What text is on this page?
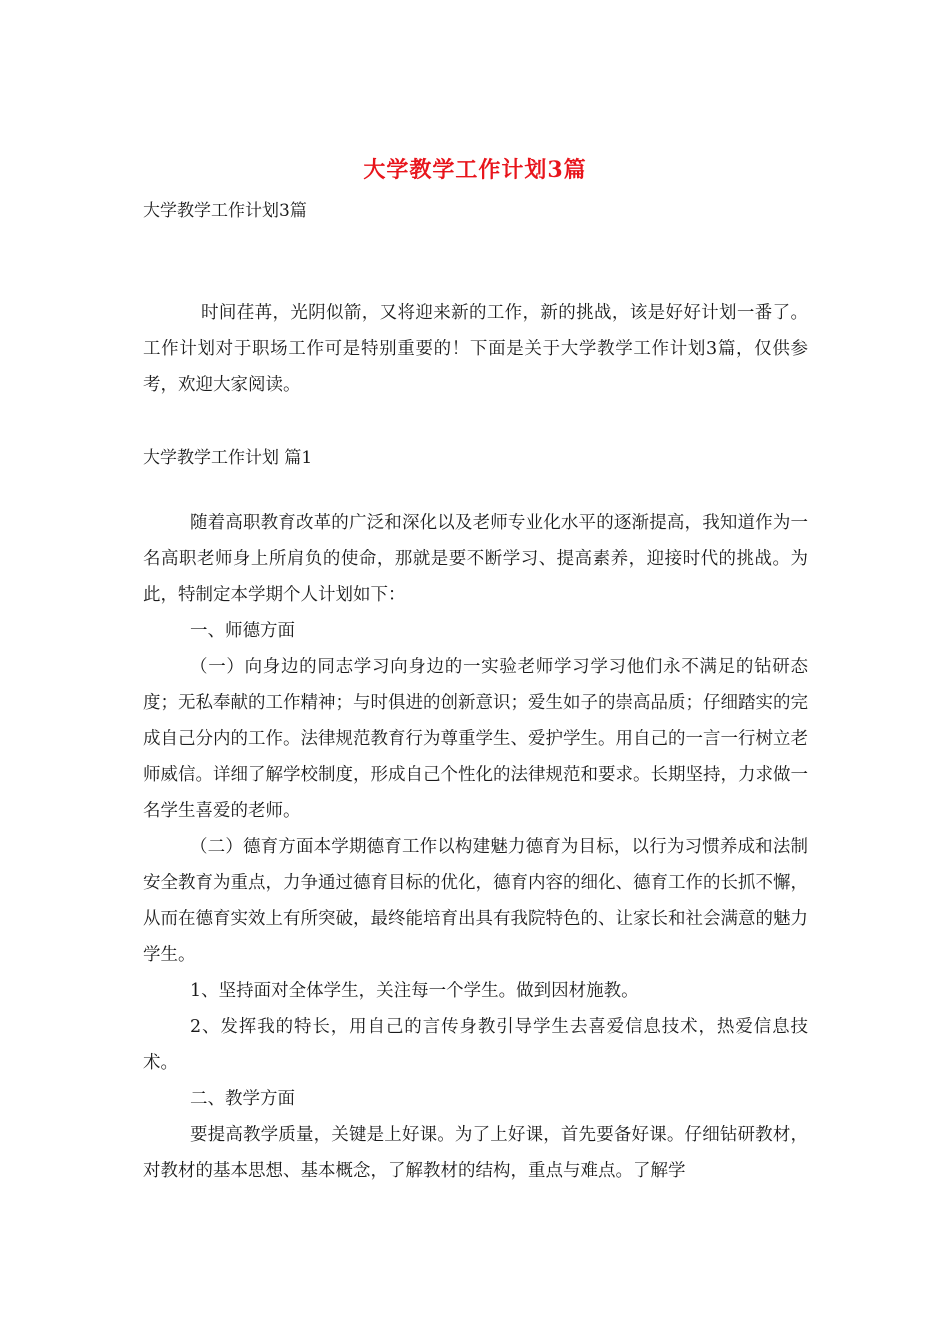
大学教学工作计划3篇
大学教学工作计划3篇

时间荏苒，光阴似箭，又将迎来新的工作，新的挑战，该是好好计划一番了。工作计划对于职场工作可是特别重要的！下面是关于大学教学工作计划3篇，仅供参考，欢迎大家阅读。

大学教学工作计划 篇1

随着高职教育改革的广泛和深化以及老师专业化水平的逐渐提高，我知道作为一名高职老师身上所肩负的使命，那就是要不断学习、提高素养，迎接时代的挑战。为此，特制定本学期个人计划如下：

一、师德方面

（一）向身边的同志学习向身边的一实验老师学习学习他们永不满足的钻研态度；无私奉献的工作精神；与时俱进的创新意识；爱生如子的崇高品质；仔细踏实的完成自己分内的工作。法律规范教育行为尊重学生、爱护学生。用自己的一言一行树立老师威信。详细了解学校制度，形成自己个性化的法律规范和要求。长期坚持，力求做一名学生喜爱的老师。

（二）德育方面本学期德育工作以构建魅力德育为目标，以行为习惯养成和法制安全教育为重点，力争通过德育目标的优化，德育内容的细化、德育工作的长抓不懈，从而在德育实效上有所突破，最终能培育出具有我院特色的、让家长和社会满意的魅力学生。

1、坚持面对全体学生，关注每一个学生。做到因材施教。

2、发挥我的特长，用自己的言传身教引导学生去喜爱信息技术，热爱信息技术。

二、教学方面

要提高教学质量，关键是上好课。为了上好课，首先要备好课。仔细钻研教材，对教材的基本思想、基本概念，了解教材的结构，重点与难点。了解学
